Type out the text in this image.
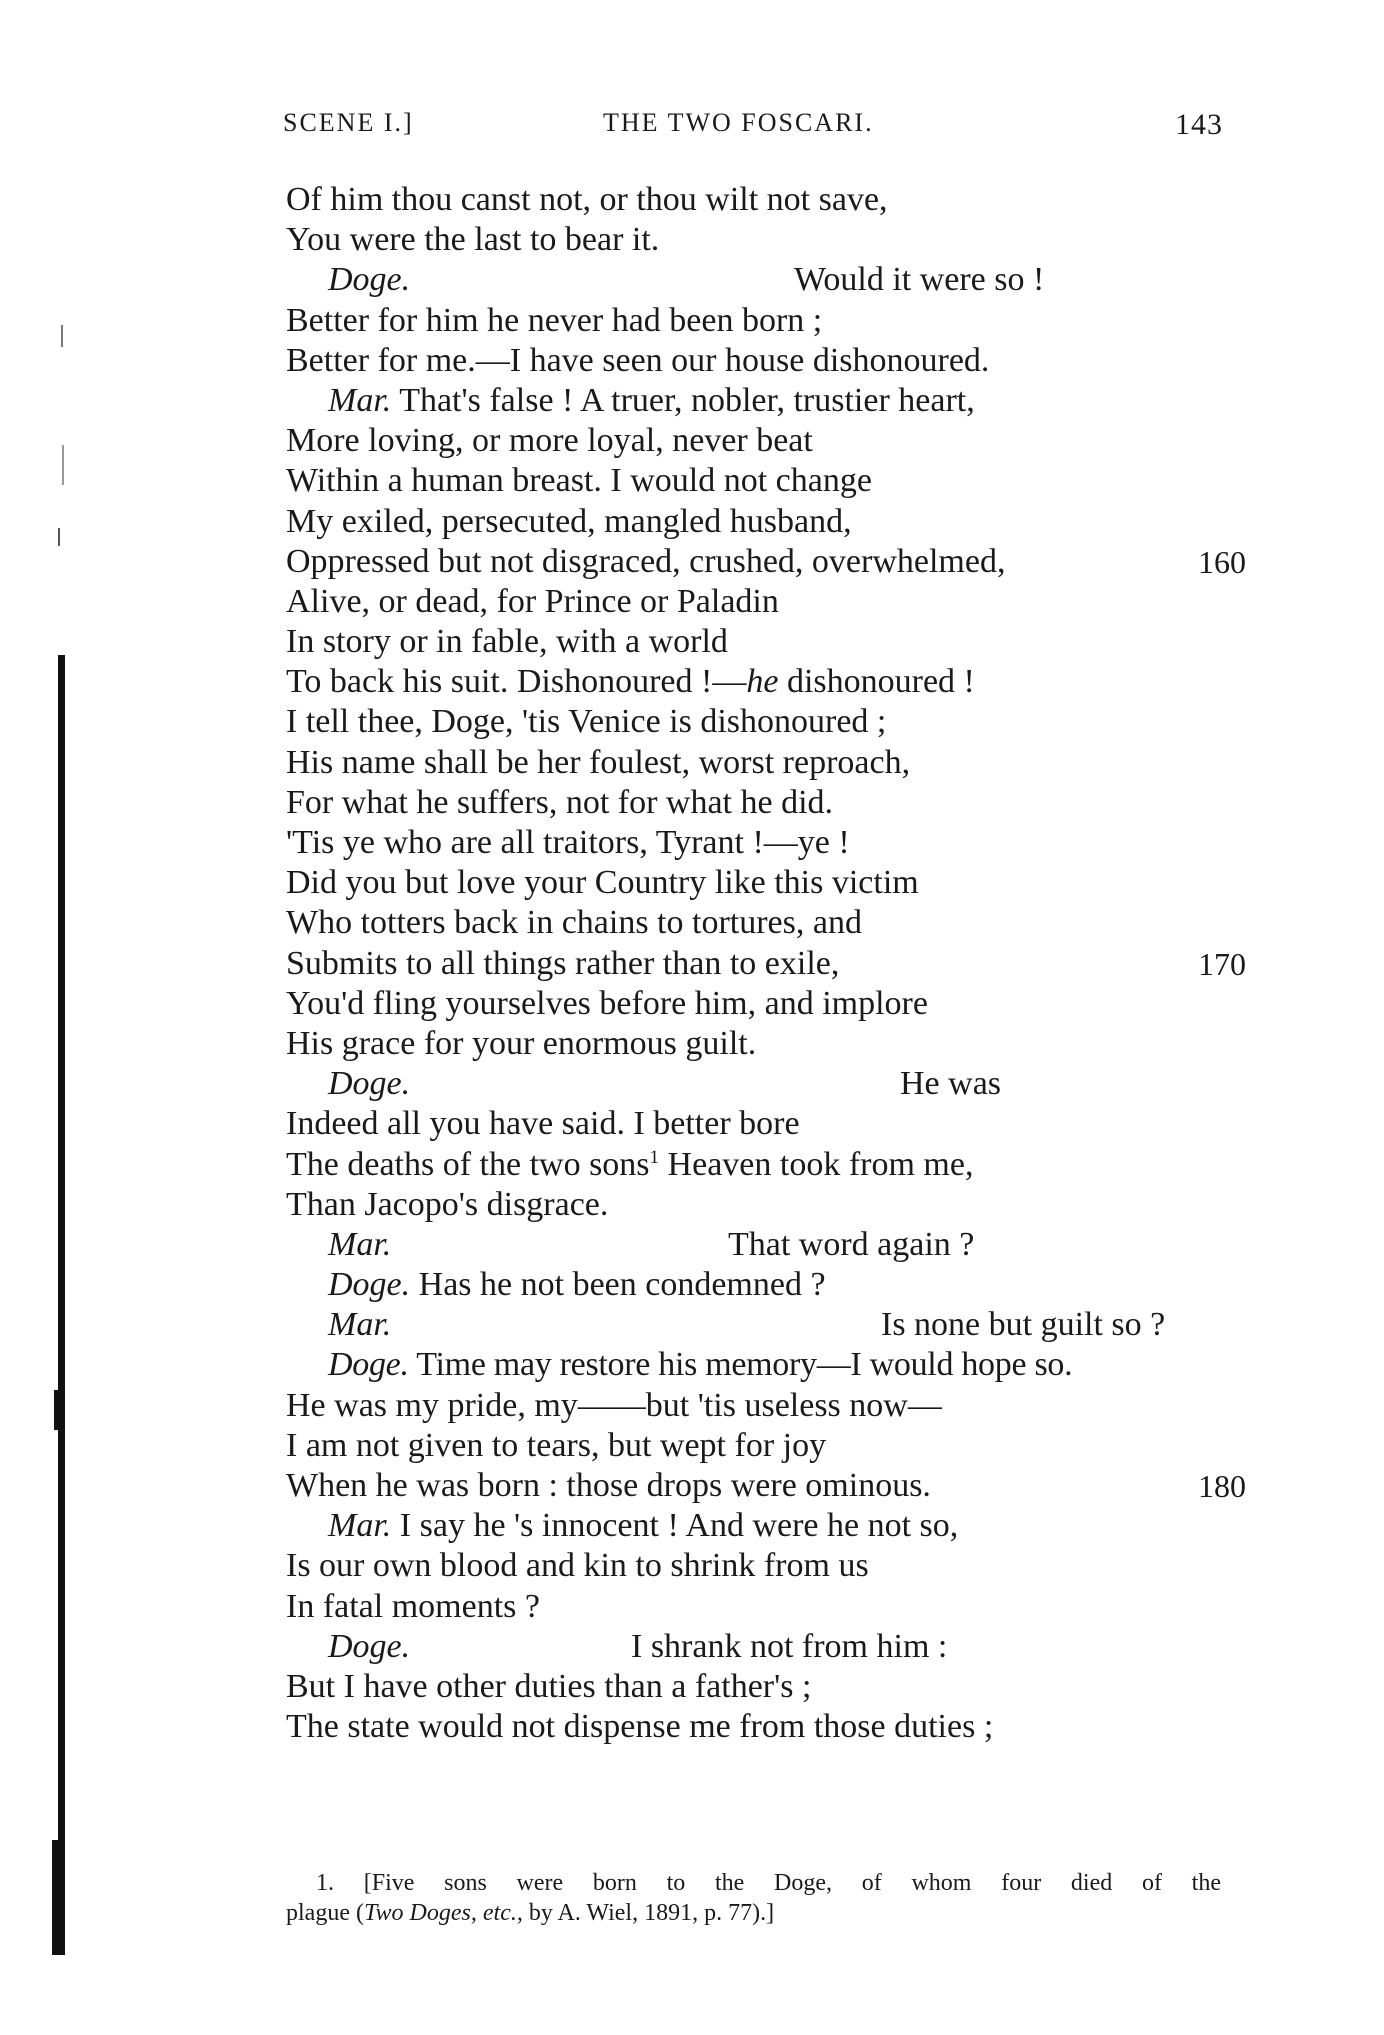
SCENE I.]	THE TWO FOSCARI.	143
Of him thou canst not, or thou wilt not save,
You were the last to bear it.
Doge.	Would it were so !
Better for him he never had been born ;
Better for me.—I have seen our house dishonoured.
Mar. That's false ! A truer, nobler, trustier heart,
More loving, or more loyal, never beat
Within a human breast. I would not change
My exiled, persecuted, mangled husband,
Oppressed but not disgraced, crushed, overwhelmed,	160
Alive, or dead, for Prince or Paladin
In story or in fable, with a world
To back his suit. Dishonoured !—he dishonoured !
I tell thee, Doge, 'tis Venice is dishonoured ;
His name shall be her foulest, worst reproach,
For what he suffers, not for what he did.
'Tis ye who are all traitors, Tyrant !—ye !
Did you but love your Country like this victim
Who totters back in chains to tortures, and
Submits to all things rather than to exile,	170
You'd fling yourselves before him, and implore
His grace for your enormous guilt.
Doge.	He was
Indeed all you have said. I better bore
The deaths of the two sons$^1$ Heaven took from me,
Than Jacopo's disgrace.
Mar.	That word again ?
Doge. Has he not been condemned ?
Mar.	Is none but guilt so ?
Doge. Time may restore his memory—I would hope so.
He was my pride, my——but 'tis useless now—
I am not given to tears, but wept for joy
When he was born : those drops were ominous.	180
Mar. I say he 's innocent ! And were he not so,
Is our own blood and kin to shrink from us
In fatal moments ?
Doge.	I shrank not from him :
But I have other duties than a father's ;
The state would not dispense me from those duties ;
1. [Five sons were born to the Doge, of whom four died of the
plague (Two Doges, etc., by A. Wiel, 1891, p. 77).]
